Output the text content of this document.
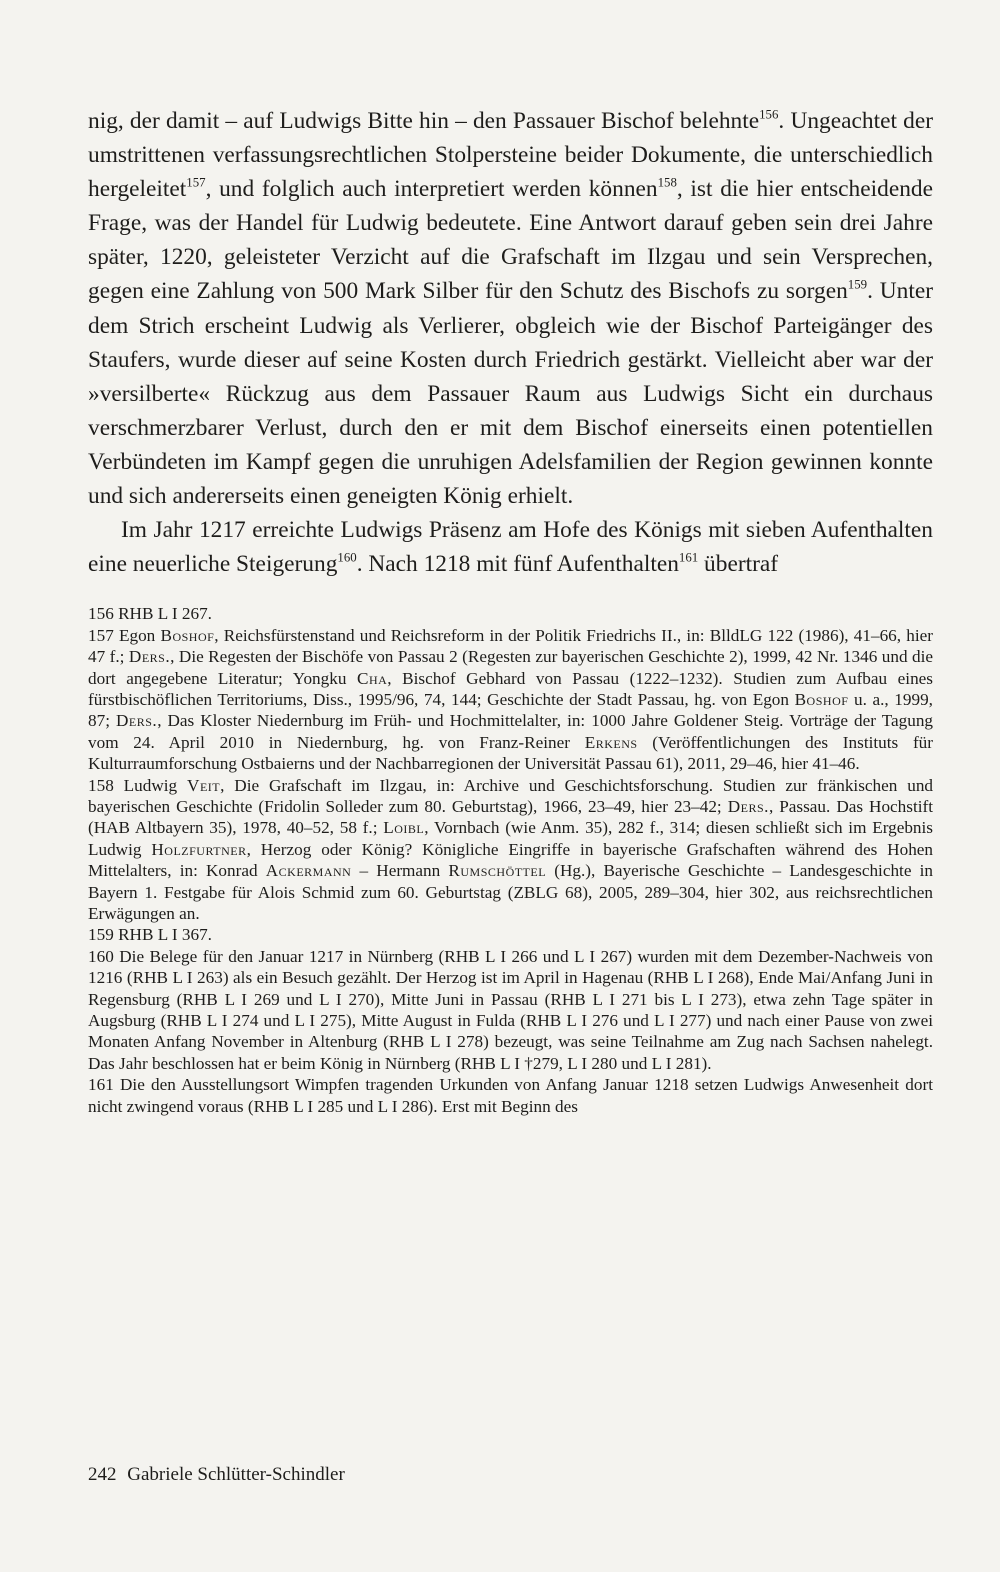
nig, der damit – auf Ludwigs Bitte hin – den Passauer Bischof belehnte$^{156}$. Ungeachtet der umstrittenen verfassungsrechtlichen Stolpersteine beider Dokumente, die unterschiedlich hergeleitet$^{157}$, und folglich auch interpretiert werden können$^{158}$, ist die hier entscheidende Frage, was der Handel für Ludwig bedeutete. Eine Antwort darauf geben sein drei Jahre später, 1220, geleisteter Verzicht auf die Grafschaft im Ilzgau und sein Versprechen, gegen eine Zahlung von 500 Mark Silber für den Schutz des Bischofs zu sorgen$^{159}$. Unter dem Strich erscheint Ludwig als Verlierer, obgleich wie der Bischof Parteigänger des Staufers, wurde dieser auf seine Kosten durch Friedrich gestärkt. Vielleicht aber war der »versilberte« Rückzug aus dem Passauer Raum aus Ludwigs Sicht ein durchaus verschmerzbarer Verlust, durch den er mit dem Bischof einerseits einen potentiellen Verbündeten im Kampf gegen die unruhigen Adelsfamilien der Region gewinnen konnte und sich andererseits einen geneigten König erhielt.

Im Jahr 1217 erreichte Ludwigs Präsenz am Hofe des Königs mit sieben Aufenthalten eine neuerliche Steigerung$^{160}$. Nach 1218 mit fünf Aufenthalten$^{161}$ übertraf

156 RHB L I 267.

157 Egon Boshof, Reichsfürstenstand und Reichsreform in der Politik Friedrichs II., in: BlldLG 122 (1986), 41–66, hier 47 f.; Ders., Die Regesten der Bischöfe von Passau 2 (Regesten zur bayerischen Geschichte 2), 1999, 42 Nr. 1346 und die dort angegebene Literatur; Yongku Cha, Bischof Gebhard von Passau (1222–1232). Studien zum Aufbau eines fürstbischöflichen Territoriums, Diss., 1995/96, 74, 144; Geschichte der Stadt Passau, hg. von Egon Boshof u. a., 1999, 87; Ders., Das Kloster Niedernburg im Früh- und Hochmittelalter, in: 1000 Jahre Goldener Steig. Vorträge der Tagung vom 24. April 2010 in Niedernburg, hg. von Franz-Reiner Erkens (Veröffentlichungen des Instituts für Kulturraumforschung Ostbaierns und der Nachbarregionen der Universität Passau 61), 2011, 29–46, hier 41–46.

158 Ludwig Veit, Die Grafschaft im Ilzgau, in: Archive und Geschichtsforschung. Studien zur fränkischen und bayerischen Geschichte (Fridolin Solleder zum 80. Geburtstag), 1966, 23–49, hier 23–42; Ders., Passau. Das Hochstift (HAB Altbayern 35), 1978, 40–52, 58 f.; Loibl, Vornbach (wie Anm. 35), 282 f., 314; diesen schließt sich im Ergebnis Ludwig Holzfurtner, Herzog oder König? Königliche Eingriffe in bayerische Grafschaften während des Hohen Mittelalters, in: Konrad Ackermann – Hermann Rumschöttel (Hg.), Bayerische Geschichte – Landesgeschichte in Bayern 1. Festgabe für Alois Schmid zum 60. Geburtstag (ZBLG 68), 2005, 289–304, hier 302, aus reichsrechtlichen Erwägungen an.

159 RHB L I 367.

160 Die Belege für den Januar 1217 in Nürnberg (RHB L I 266 und L I 267) wurden mit dem Dezember-Nachweis von 1216 (RHB L I 263) als ein Besuch gezählt. Der Herzog ist im April in Hagenau (RHB L I 268), Ende Mai/Anfang Juni in Regensburg (RHB L I 269 und L I 270), Mitte Juni in Passau (RHB L I 271 bis L I 273), etwa zehn Tage später in Augsburg (RHB L I 274 und L I 275), Mitte August in Fulda (RHB L I 276 und L I 277) und nach einer Pause von zwei Monaten Anfang November in Altenburg (RHB L I 278) bezeugt, was seine Teilnahme am Zug nach Sachsen nahelegt. Das Jahr beschlossen hat er beim König in Nürnberg (RHB L I †279, L I 280 und L I 281).

161 Die den Ausstellungsort Wimpfen tragenden Urkunden von Anfang Januar 1218 setzen Ludwigs Anwesenheit dort nicht zwingend voraus (RHB L I 285 und L I 286). Erst mit Beginn des

242 Gabriele Schlütter-Schindler
